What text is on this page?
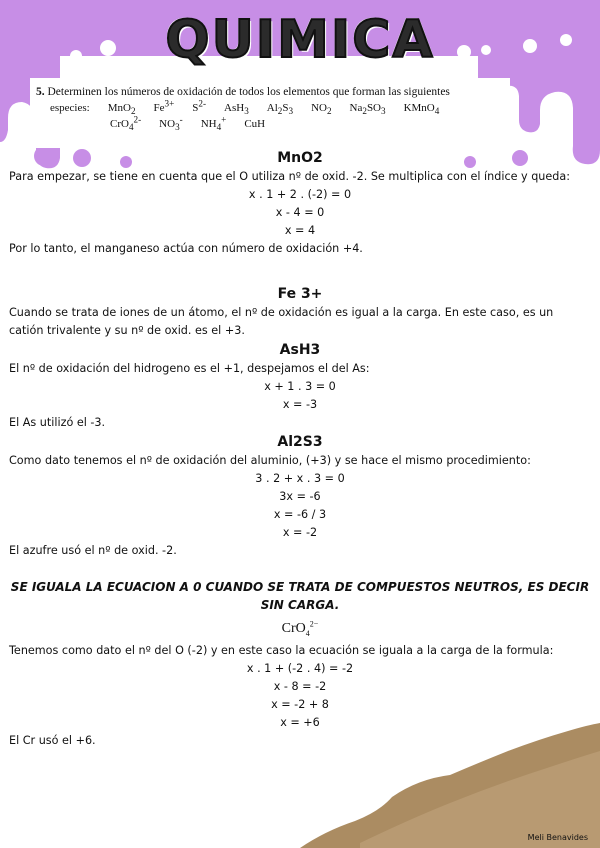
QUIMICA
5. Determinen los números de oxidación de todos los elementos que forman las siguientes
especies: MnO$_2$ $Fe^{3+}$ $S^{2-}$ AsH$_3$ $Al_2S_3$ $NO_2$ $Na_2SO_3$ KMnO$_4$
CrO$_4^{2-}$ $NO_3^-$ $NH_4^+$ CuH

MnO2

Para empezar, se tiene en cuenta que el O utiliza nº de oxid. -2. Se multiplica con el índice y queda:

x . 1 + 2 . (-2) = 0

x - 4 = 0

x = 4

Por lo tanto, el manganeso actúa con número de oxidación +4.

Fe 3+

Cuando se trata de iones de un átomo, el nº de oxidación es igual a la carga. En este caso, es un catión trivalente y su nº de oxid. es el +3.

AsH3

El nº de oxidación del hidrogeno es el +1, despejamos el del As:

x + 1 . 3 = 0

x = -3

El As utilizó el -3.

Al2S3

Como dato tenemos el nº de oxidación del aluminio, (+3) y se hace el mismo procedimiento:

3 . 2 + x . 3 = 0

3x = -6

x = -6 / 3

x = -2

El azufre usó el nº de oxid. -2.

SE IGUALA LA ECUACION A 0 CUANDO SE TRATA DE COMPUESTOS NEUTROS, ES DECIR SIN CARGA.

CrO$_4^{2-}$

Tenemos como dato el nº del O (-2) y en este caso la ecuación se iguala a la carga de la formula:

x . 1 + (-2 . 4) = -2

x - 8 = -2

x = -2 + 8

x = +6

El Cr usó el +6.

Meli Benavides
